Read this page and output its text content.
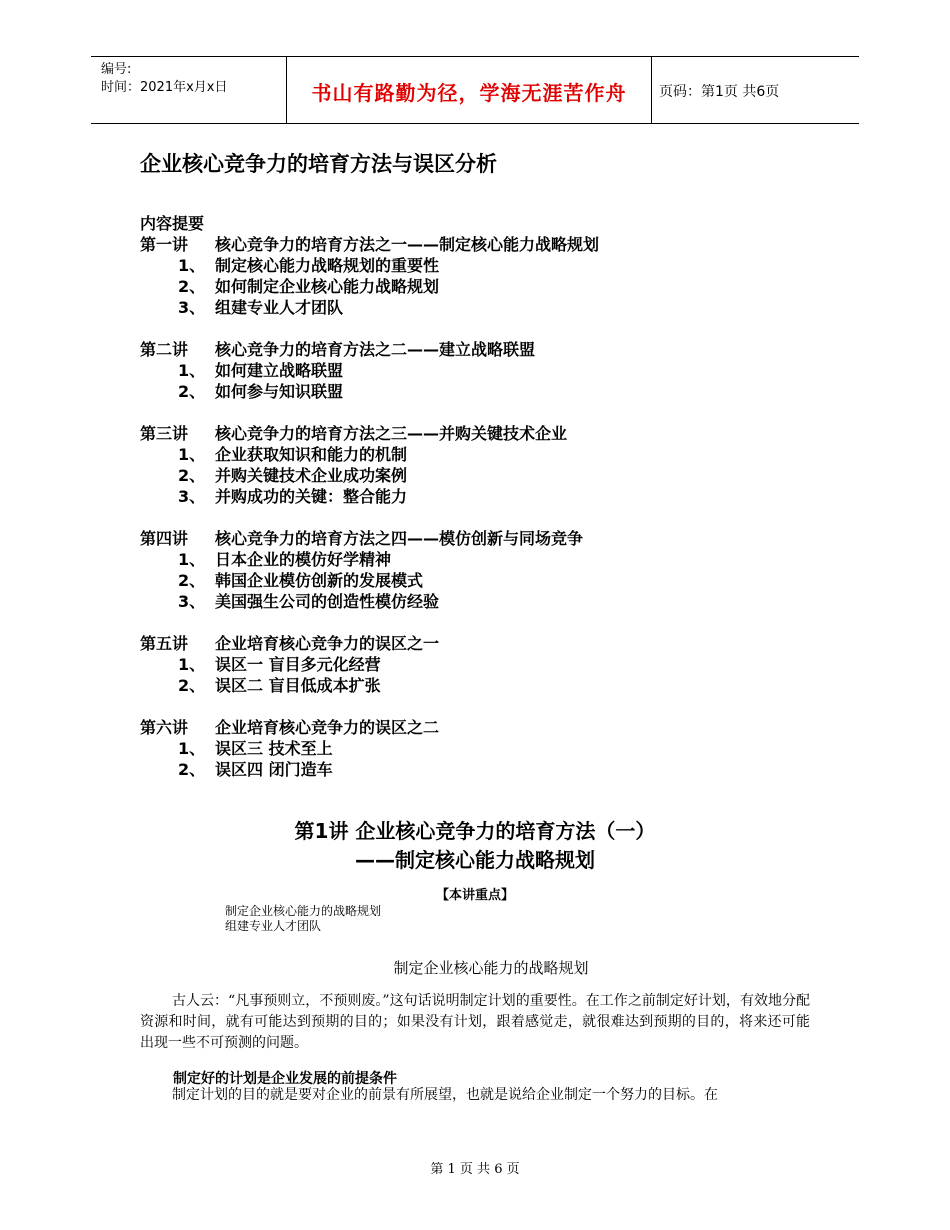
编号:
时间：2021年x月x日	书山有路勤为径，学海无涯苦作舟	页码：第1页 共6页
企业核心竞争力的培育方法与误区分析
内容提要
第一讲 核心竞争力的培育方法之一——制定核心能力战略规划
1、 制定核心能力战略规划的重要性
2、 如何制定企业核心能力战略规划
3、 组建专业人才团队
第二讲 核心竞争力的培育方法之二——建立战略联盟
1、 如何建立战略联盟
2、 如何参与知识联盟
第三讲 核心竞争力的培育方法之三——并购关键技术企业
1、 企业获取知识和能力的机制
2、 并购关键技术企业成功案例
3、 并购成功的关键：整合能力
第四讲 核心竞争力的培育方法之四——模仿创新与同场竞争
1、 日本企业的模仿好学精神
2、 韩国企业模仿创新的发展模式
3、 美国强生公司的创造性模仿经验
第五讲 企业培育核心竞争力的误区之一
1、 误区一 盲目多元化经营
2、 误区二 盲目低成本扩张
第六讲 企业培育核心竞争力的误区之二
1、 误区三 技术至上
2、 误区四 闭门造车
第1讲 企业核心竞争力的培育方法（一）
——制定核心能力战略规划
【本讲重点】
制定企业核心能力的战略规划
组建专业人才团队
制定企业核心能力的战略规划
古人云：“凡事预则立，不预则废。”这句话说明制定计划的重要性。在工作之前制定好计划，有效地分配资源和时间，就有可能达到预期的目的；如果没有计划，跟着感觉走，就很难达到预期的目的，将来还可能出现一些不可预测的问题。
制定好的计划是企业发展的前提条件
制定计划的目的就是要对企业的前景有所展望，也就是说给企业制定一个努力的目标。在
第 1 页 共 6 页
